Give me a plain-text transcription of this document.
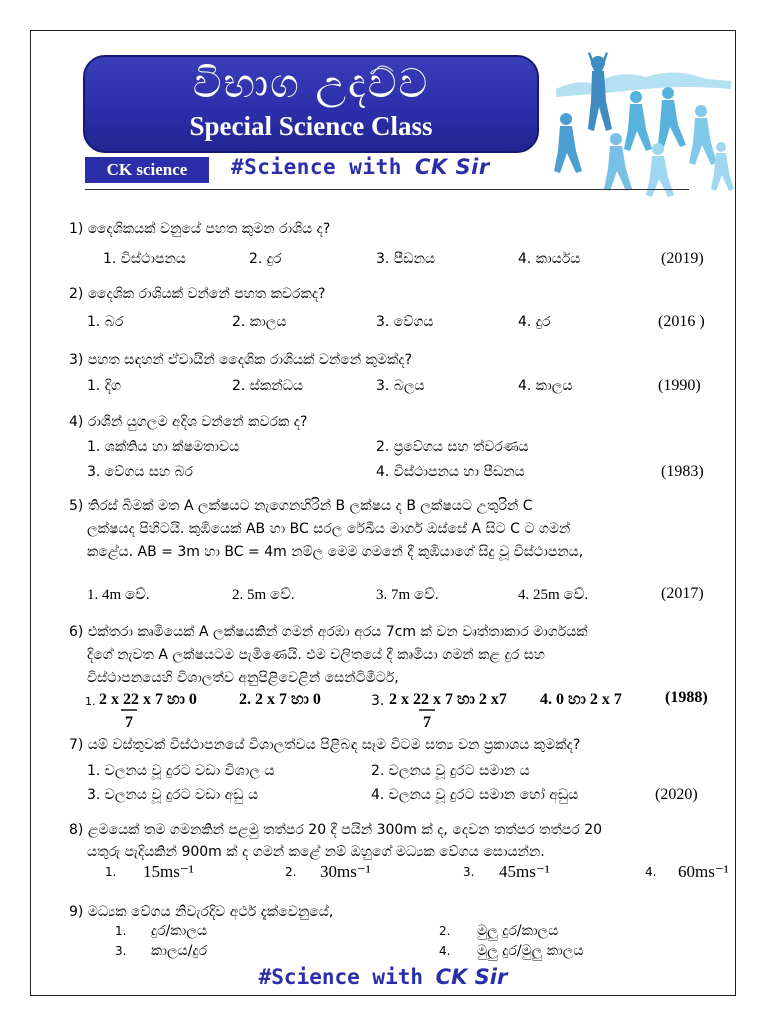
විභාග උදව්ව
Special Science Class
CK science	#Science with CK Sir
1) දෛශිකයක් වනුයේ පහත කුමන රාශිය ද?
1. විස්ථාපනය	2. දුර	3. පීඩනය	4. කාර්යය	(2019)
2) දෛශික රාශියක් වන්නේ පහත කවරකද?
1. බර	2. කාලය	3. වේගය	4. දුර	(2016 )
3) පහත සඳහන් ඒවායින් දෛශික රාශියක් වන්නේ කුමක්ද?
1. දිග	2. ස්කන්ධය	3. බලය	4. කාලය	(1990)
4) රාශීන් යුගලම අදිශ වන්නේ කවරක ද?
1. ශක්තිය හා ක්ෂමතාවය	2. ප්‍රවේගය සහ ත්වරණය
3. වේගය සහ බර	4. විස්ථාපනය හා පීඩනය	(1983)
5) තිරස් බිමක් මත A ලක්ෂයට නැගෙනහිරින් B ලක්ෂය ද B ලක්ෂයට උතුරින් C
ලක්ෂයද පිහිටයි. කුඹියෙක් AB හා BC සරල රේඛීය මාර්ග ඔස්සේ A සිට C ට ගමන්
කළේය. AB = 3m හා BC = 4m නම්ල මෙම ගමනේ දී කුඹියාගේ සිදු වූ විස්ථාපනය,
1. 4m වේ.	2. 5m වේ.	3. 7m වේ.	4. 25m වේ.	(2017)
6) එක්තරා කෘමියෙක් A ලක්ෂයකින් ගමන් අරඹා අරය 7cm ක් වන වෘත්තාකාර මාර්ගයක්
දිගේ නැවත A ලක්ෂයටම පැමිණෙයි. එම චලිතයේ දී කෘමියා ගමන් කළ දුර සහ
විස්ථාපනයෙහි විශාලත්ව අනුපිළිවෙළින් සෙන්ටිමීටර්,
1. 2 x 22 x 7 හා 0
7
2. 2 x 7 හා 0	3. 2 x 22 x 7 හා 2 x7
7
4. 0 හා 2 x 7	(1988)
7) යම් වස්තුවක් විස්ථාපනයේ විශාලත්වය පිළිබඳ සෑම විටම සත්‍ය වන ප්‍රකාශය කුමක්ද?
1. චලනය වූ දුරට වඩා විශාල ය	2. චලනය වූ දුරට සමාන ය
3. චලනය වූ දුරට වඩා අඩු ය	4. චලනය වූ දුරට සමාන හෝ අඩුය	(2020)
8) ළමයෙක් තම ගමනකින් පළමු තත්පර 20 දී පයින් 300m ක් ද, දෙවන තත්පර තත්පර 20
යතුරු පැදියකින් 900m ක් ද ගමන් කළේ නම් ඔහුගේ මධ්‍යක වේගය සොයන්න.
1. 15ms⁻¹	2. 30ms⁻¹	3. 45ms⁻¹	4. 60ms⁻¹
9) මධ්‍යක වේගය නිවැරදිව අර්ථ දැක්වෙනුයේ,
1. දුර/කාලය	2. මුලු දුර/කාලය
3. කාලය/දුර	4. මුලු දුර/මුලු කාලය
#Science with CK Sir
